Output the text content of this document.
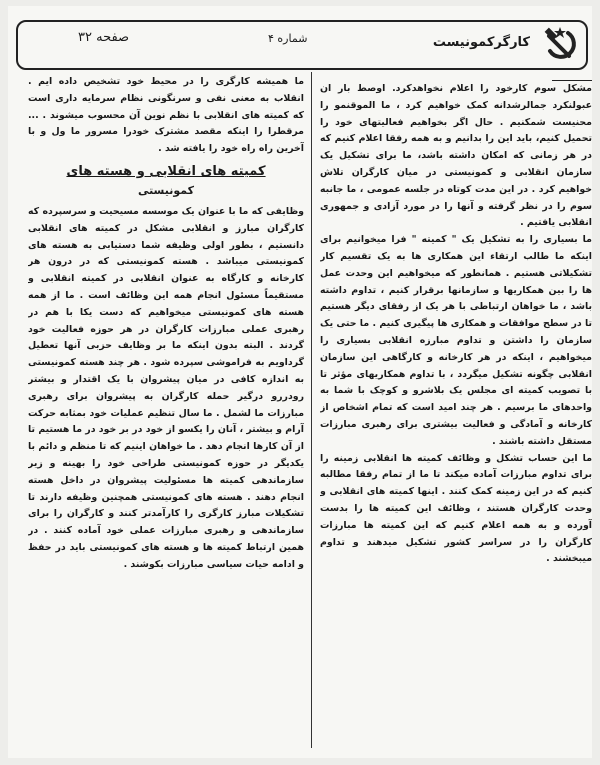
کارگرکمونیست
شماره ۴
صفحه ۳۲

مشکل سوم کارخود را اعلام نخواهدکرد. اوصط بار ان عبولنکرد جمالرشدانه کمک خواهیم کرد ، ما الموقنمو را محنیست شمکنیم . حال اگر بخواهیم فعالیتهای خود را تحمیل کنیم، باید این را بدانیم و به همه رفقا اعلام کنیم که در هر زمانی که امکان داشته باشد، ما برای تشکیل یک سازمان انقلابی و کمونیستی در میان کارگران تلاش خواهیم کرد . در این مدت کوتاه در جلسه عمومی ، ما جانبه سوم را در نظر گرفته و آنها را در مورد آزادی و جمهوری انقلابی یافتیم .

ما بسیاری را به تشکیل یک " کمیته " فرا میخوانیم برای اینکه ما طالب ارتقاء این همکاری ها به یک تقسیم کار تشکیلاتی هستیم . همانطور که میخواهیم این وحدت عمل ها را بین همکاریها و سازمانها برقرار کنیم ، تداوم داشته باشد ، ما خواهان ارتباطی با هر یک از رفقای دیگر هستیم تا در سطح موافقات و همکاری ها پیگیری کنیم . ما حتی یک سازمان را داشتن و تداوم مبارزه انقلابی بسیاری را میخواهیم ، اینکه در هر کارخانه و کارگاهی این سازمان انقلابی چگونه تشکیل میگردد ، با تداوم همکاریهای مؤثر تا با تصویب کمیته ای مجلس یک بلاشرو و کوچک با شما به واحدهای ما برسیم . هر چند امید است که تمام اشخاص از کارخانه و آمادگی و فعالیت بیشتری برای رهبری مبارزات مستقل داشته باشند .

ما این حساب تشکل و وظائف کمیته ها انقلابی زمینه را برای تداوم مبارزات آماده میکند تا ما از تمام رفقا مطالبه کنیم که در این زمینه کمک کنند . اینها کمیته های انقلابی و وحدت کارگران هستند ، وظائف این کمیته ها را بدست آورده و به همه اعلام کنیم که این کمیته ها مبارزات کارگران را در سراسر کشور تشکیل میدهند و تداوم میبخشند .

ما همیشه کارگری را در محیط خود تشخیص داده ایم . انقلاب به معنی نفی و سرنگونی نظام سرمایه داری است که کمیته های انقلابی با نظم نوین آن محسوب میشوند . ... مرقطرا را اینکه مقصد مشترک خودرا مسرور ما ول و با آخرین راه راه خود را یافته شد .

کمیته های انقلابی و هسته های
کمونیستی

وظایفی که ما با عنوان یک موسسه مسیحیت و سرسپرده که کارگران مبارز و انقلابی مشکل در کمیته های انقلابی دانستیم ، بطور اولی وظیفه شما دستیابی به هسته های کمونیستی میباشد . هسته کمونیستی که در درون هر کارخانه و کارگاه به عنوان انقلابی در کمیته انقلابی و مستقیماً مسئول انجام همه این وظائف است . ما از همه هسته های کمونیستی میخواهیم که دست یکا با هم در رهبری عملی مبارزات کارگران در هر حوزه فعالیت خود گردند . البته بدون اینکه ما بر وظایف حزبی آنها تعطیل گرداویم به فراموشی سپرده شود . هر چند هسته کمونیستی به اندازه کافی در میان پیشروان با یک اقتدار و بیشتر رودررو درگیر حمله کارگران به پیشروان برای رهبری مبارزات ما لشمل . ما سال تنظیم عملیات خود بمثابه حرکت آرام و بیشتر ، آنان را یکسو از خود در بر خود در ما هستیم تا از آن کارها انجام دهد . ما خواهان اینیم که تا منظم و دائم با یکدیگر در حوزه کمونیستی طراحی خود را بهینه و زیر سازماندهی کمیته ها مسئولیت پیشروان در داخل هسته انجام دهند . هسته های کمونیستی همچنین وظیفه دارند تا تشکیلات مبارز کارگری را کارآمدتر کنند و کارگران را برای سازماندهی و رهبری مبارزات عملی خود آماده کنند . در همین ارتباط کمیته ها و هسته های کمونیستی باید در حفظ و ادامه حیات سیاسی مبارزات بکوشند .
